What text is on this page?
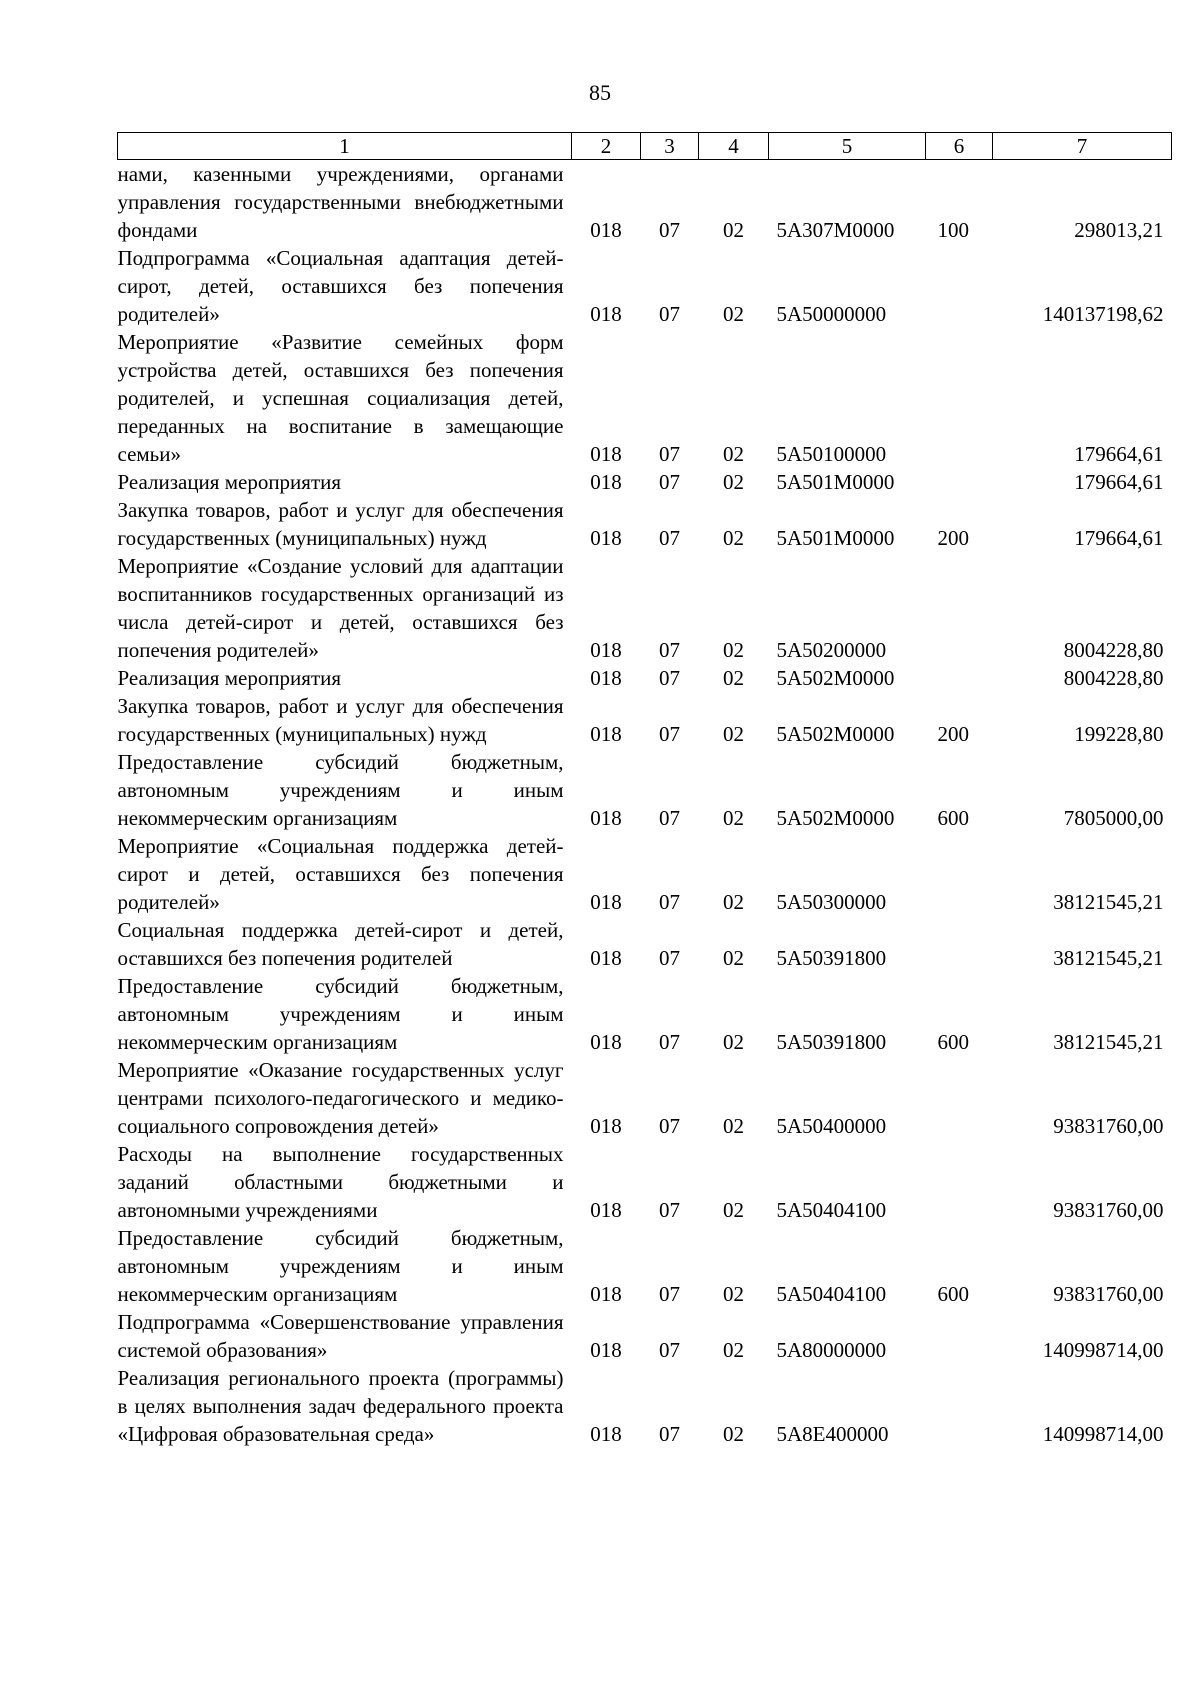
85
1	2	3	4	5	6	7
нами, казенными учреждениями, органами управления государственными внебюджетными фондами	018	07	02	5А307М0000	100	298013,21
Подпрограмма «Социальная адаптация детей-сирот, детей, оставшихся без попечения родителей»	018	07	02	5А50000000		140137198,62
Мероприятие «Развитие семейных форм устройства детей, оставшихся без попечения родителей, и успешная социализация детей, переданных на воспитание в замещающие семьи»	018	07	02	5А50100000		179664,61
Реализация мероприятия	018	07	02	5А501М0000		179664,61
Закупка товаров, работ и услуг для обеспечения государственных (муниципальных) нужд	018	07	02	5А501М0000	200	179664,61
Мероприятие «Создание условий для адаптации воспитанников государственных организаций из числа детей-сирот и детей, оставшихся без попечения родителей»	018	07	02	5А50200000		8004228,80
Реализация мероприятия	018	07	02	5А502М0000		8004228,80
Закупка товаров, работ и услуг для обеспечения государственных (муниципальных) нужд	018	07	02	5А502М0000	200	199228,80
Предоставление субсидий бюджетным, автономным учреждениям и иным некоммерческим организациям	018	07	02	5А502М0000	600	7805000,00
Мероприятие «Социальная поддержка детей-сирот и детей, оставшихся без попечения родителей»	018	07	02	5А50300000		38121545,21
Социальная поддержка детей-сирот и детей, оставшихся без попечения родителей	018	07	02	5А50391800		38121545,21
Предоставление субсидий бюджетным, автономным учреждениям и иным некоммерческим организациям	018	07	02	5А50391800	600	38121545,21
Мероприятие «Оказание государственных услуг центрами психолого-педагогического и медико-социального сопровождения детей»	018	07	02	5А50400000		93831760,00
Расходы на выполнение государственных заданий областными бюджетными и автономными учреждениями	018	07	02	5А50404100		93831760,00
Предоставление субсидий бюджетным, автономным учреждениям и иным некоммерческим организациям	018	07	02	5А50404100	600	93831760,00
Подпрограмма «Совершенствование управления системой образования»	018	07	02	5А80000000		140998714,00
Реализация регионального проекта (программы) в целях выполнения задач федерального проекта «Цифровая образовательная среда»	018	07	02	5А8Е400000		140998714,00
